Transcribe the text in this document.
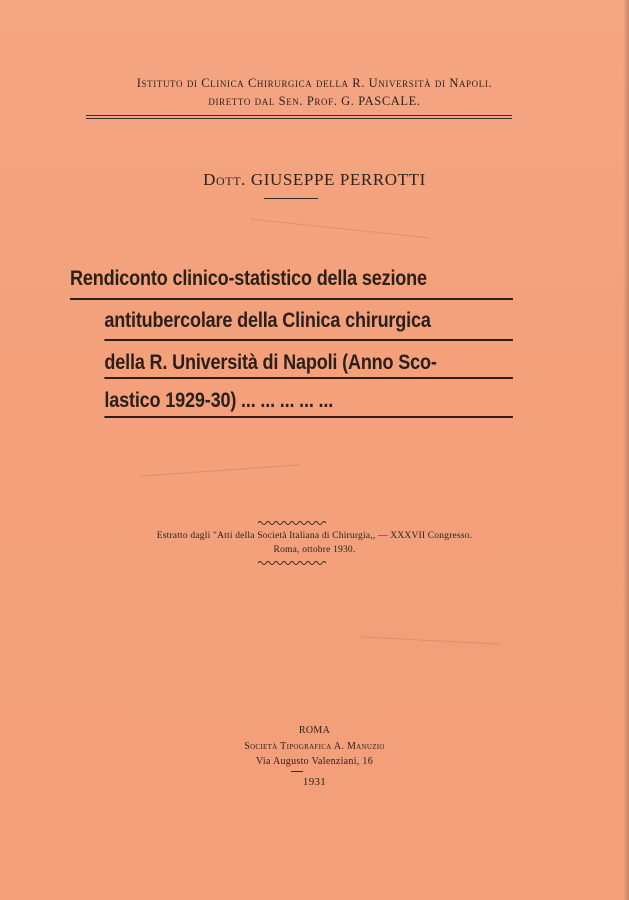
Istituto di Clinica Chirurgica della R. Università di Napoli.
diretto dal Sen. Prof. G. PASCALE.
Dott. GIUSEPPE PERROTTI
Rendiconto clinico-statistico della sezione
antitubercolare della Clinica chirurgica
della R. Università di Napoli (Anno Sco-
lastico 1929-30) ... ... ... ... ...
Estratto dagli "Atti della Società Italiana di Chirurgia,, — XXXVII Congresso.
Roma, ottobre 1930.
ROMA
Società Tipografica A. Manuzio
Via Augusto Valenziani, 16
1931
